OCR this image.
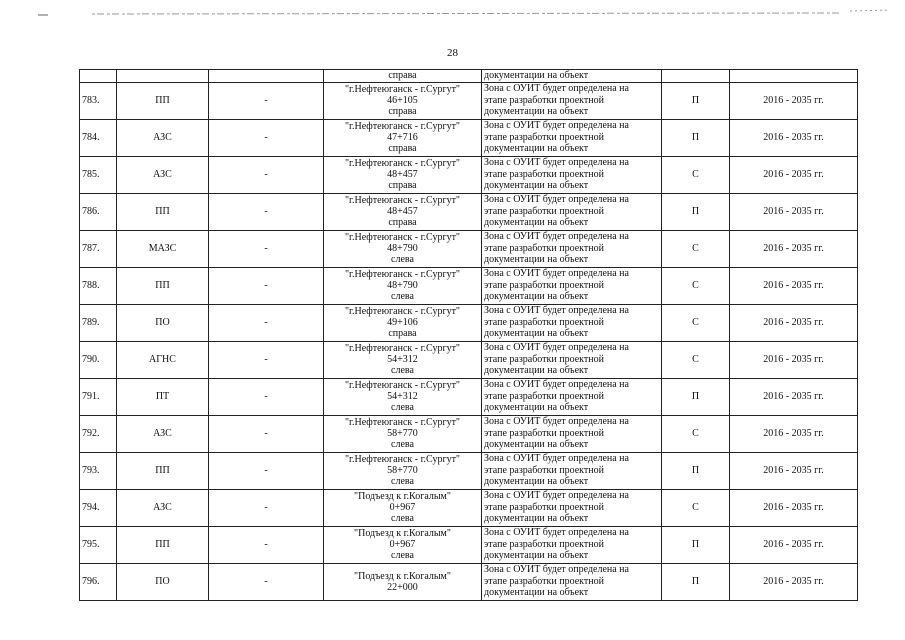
28
			справа	документации на объект		
783.	ПП	-	"г.Нефтеюганск - г.Сургут"
46+105
справа	Зона с ОУИТ будет определена на
этапе разработки проектной
документации на объект	П	2016 - 2035 гг.
784.	АЗС	-	"г.Нефтеюганск - г.Сургут"
47+716
справа	Зона с ОУИТ будет определена на
этапе разработки проектной
документации на объект	П	2016 - 2035 гг.
785.	АЗС	-	"г.Нефтеюганск - г.Сургут"
48+457
справа	Зона с ОУИТ будет определена на
этапе разработки проектной
документации на объект	С	2016 - 2035 гг.
786.	ПП	-	"г.Нефтеюганск - г.Сургут"
48+457
справа	Зона с ОУИТ будет определена на
этапе разработки проектной
документации на объект	П	2016 - 2035 гг.
787.	МАЗС	-	"г.Нефтеюганск - г.Сургут"
48+790
слева	Зона с ОУИТ будет определена на
этапе разработки проектной
документации на объект	С	2016 - 2035 гг.
788.	ПП	-	"г.Нефтеюганск - г.Сургут"
48+790
слева	Зона с ОУИТ будет определена на
этапе разработки проектной
документации на объект	С	2016 - 2035 гг.
789.	ПО	-	"г.Нефтеюганск - г.Сургут"
49+106
справа	Зона с ОУИТ будет определена на
этапе разработки проектной
документации на объект	С	2016 - 2035 гг.
790.	АГНС	-	"г.Нефтеюганск - г.Сургут"
54+312
слева	Зона с ОУИТ будет определена на
этапе разработки проектной
документации на объект	С	2016 - 2035 гг.
791.	ПТ	-	"г.Нефтеюганск - г.Сургут"
54+312
слева	Зона с ОУИТ будет определена на
этапе разработки проектной
документации на объект	П	2016 - 2035 гг.
792.	АЗС	-	"г.Нефтеюганск - г.Сургут"
58+770
слева	Зона с ОУИТ будет определена на
этапе разработки проектной
документации на объект	С	2016 - 2035 гг.
793.	ПП	-	"г.Нефтеюганск - г.Сургут"
58+770
слева	Зона с ОУИТ будет определена на
этапе разработки проектной
документации на объект	П	2016 - 2035 гг.
794.	АЗС	-	"Подъезд к г.Когалым"
0+967
слева	Зона с ОУИТ будет определена на
этапе разработки проектной
документации на объект	С	2016 - 2035 гг.
795.	ПП	-	"Подъезд к г.Когалым"
0+967
слева	Зона с ОУИТ будет определена на
этапе разработки проектной
документации на объект	П	2016 - 2035 гг.
796.	ПО	-	"Подъезд к г.Когалым"
22+000	Зона с ОУИТ будет определена на
этапе разработки проектной
документации на объект	П	2016 - 2035 гг.
